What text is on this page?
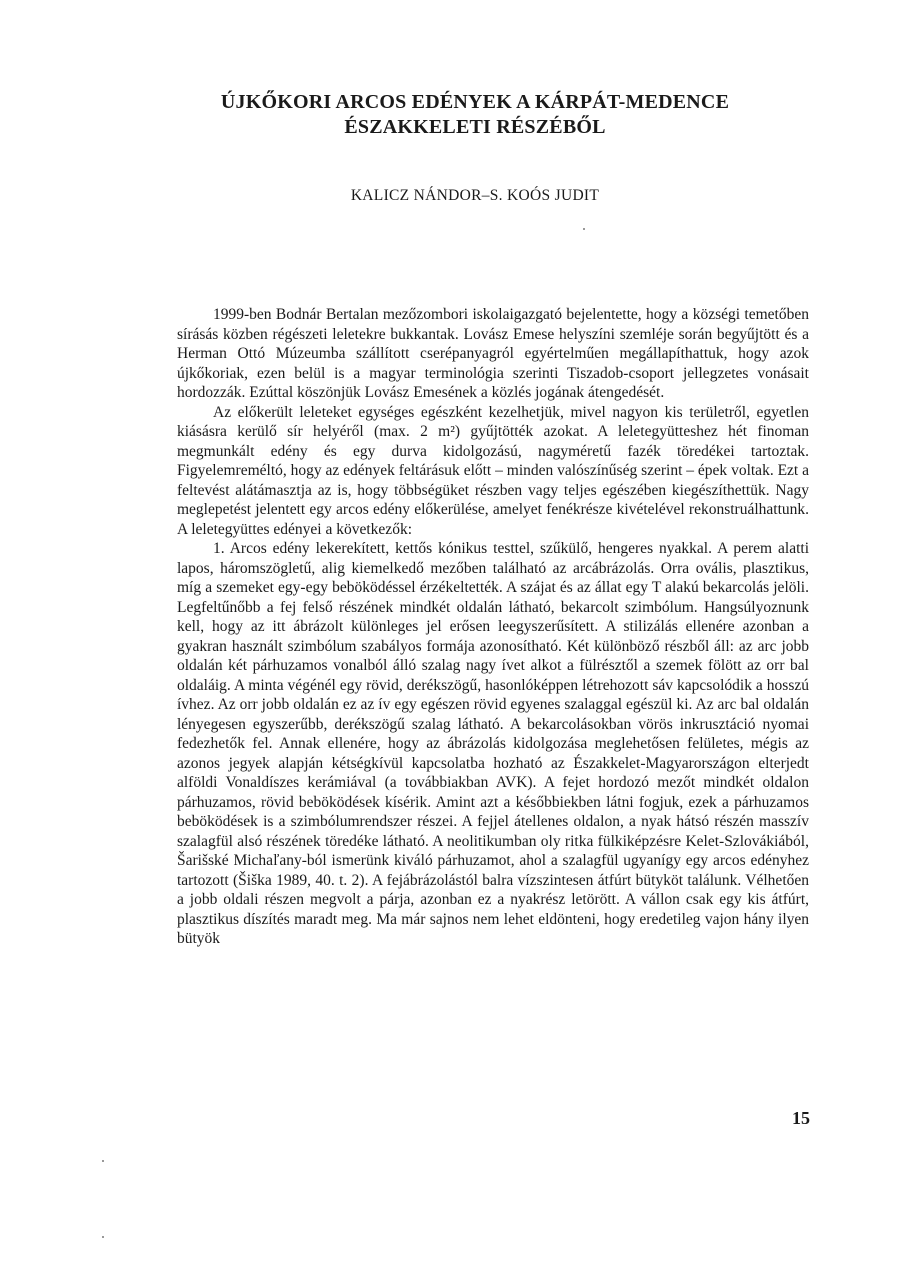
ÚJKŐKORI ARCOS EDÉNYEK A KÁRPÁT-MEDENCE
ÉSZAKKELETI RÉSZÉBŐL
KALICZ NÁNDOR–S. KOÓS JUDIT

1999-ben Bodnár Bertalan mezőzombori iskolaigazgató bejelentette, hogy a községi temetőben sírásás közben régészeti leletekre bukkantak. Lovász Emese helyszíni szemléje során begyűjtött és a Herman Ottó Múzeumba szállított cserépanyagról egyértelműen megállapíthattuk, hogy azok újkőkoriak, ezen belül is a magyar terminológia szerinti Tiszadob-csoport jellegzetes vonásait hordozzák. Ezúttal köszönjük Lovász Emesének a közlés jogának átengedését.

Az előkerült leleteket egységes egészként kezelhetjük, mivel nagyon kis területről, egyetlen kiásásra kerülő sír helyéről (max. 2 m²) gyűjtötték azokat. A leletegyütteshez hét finoman megmunkált edény és egy durva kidolgozású, nagyméretű fazék töredékei tartoztak. Figyelemreméltó, hogy az edények feltárásuk előtt – minden valószínűség szerint – épek voltak. Ezt a feltevést alátámasztja az is, hogy többségüket részben vagy teljes egészében kiegészíthettük. Nagy meglepetést jelentett egy arcos edény előkerülése, amelyet fenékrésze kivételével rekonstruálhattunk. A leletegyüttes edényei a következők:

1. Arcos edény lekerekített, kettős kónikus testtel, szűkülő, hengeres nyakkal. A perem alatti lapos, háromszögletű, alig kiemelkedő mezőben található az arcábrázolás. Orra ovális, plasztikus, míg a szemeket egy-egy beböködéssel érzékeltették. A szájat és az állat egy T alakú bekarcolás jelöli. Legfeltűnőbb a fej felső részének mindkét oldalán látható, bekarcolt szimbólum. Hangsúlyoznunk kell, hogy az itt ábrázolt különleges jel erősen leegyszerűsített. A stilizálás ellenére azonban a gyakran használt szimbólum szabályos formája azonosítható. Két különböző részből áll: az arc jobb oldalán két párhuzamos vonalból álló szalag nagy ívet alkot a fülrésztől a szemek fölött az orr bal oldaláig. A minta végénél egy rövid, derékszögű, hasonlóképpen létrehozott sáv kapcsolódik a hosszú ívhez. Az orr jobb oldalán ez az ív egy egészen rövid egyenes szalaggal egészül ki. Az arc bal oldalán lényegesen egyszerűbb, derékszögű szalag látható. A bekarcolásokban vörös inkrusztáció nyomai fedezhetők fel. Annak ellenére, hogy az ábrázolás kidolgozása meglehetősen felületes, mégis az azonos jegyek alapján kétségkívül kapcsolatba hozható az Északkelet-Magyarországon elterjedt alföldi Vonaldíszes kerámiával (a továbbiakban AVK). A fejet hordozó mezőt mindkét oldalon párhuzamos, rövid beböködések kísérik. Amint azt a későbbiekben látni fogjuk, ezek a párhuzamos beböködések is a szimbólumrendszer részei. A fejjel átellenes oldalon, a nyak hátsó részén masszív szalagfül alsó részének töredéke látható. A neolitikumban oly ritka fülkiképzésre Kelet-Szlovákiából, Šarišské Michaľany-ból ismerünk kiváló párhuzamot, ahol a szalagfül ugyanígy egy arcos edényhez tartozott (Šiška 1989, 40. t. 2). A fejábrázolástól balra vízszintesen átfúrt bütyköt találunk. Vélhetően a jobb oldali részen megvolt a párja, azonban ez a nyakrész letörött. A vállon csak egy kis átfúrt, plasztikus díszítés maradt meg. Ma már sajnos nem lehet eldönteni, hogy eredetileg vajon hány ilyen bütyök

15
